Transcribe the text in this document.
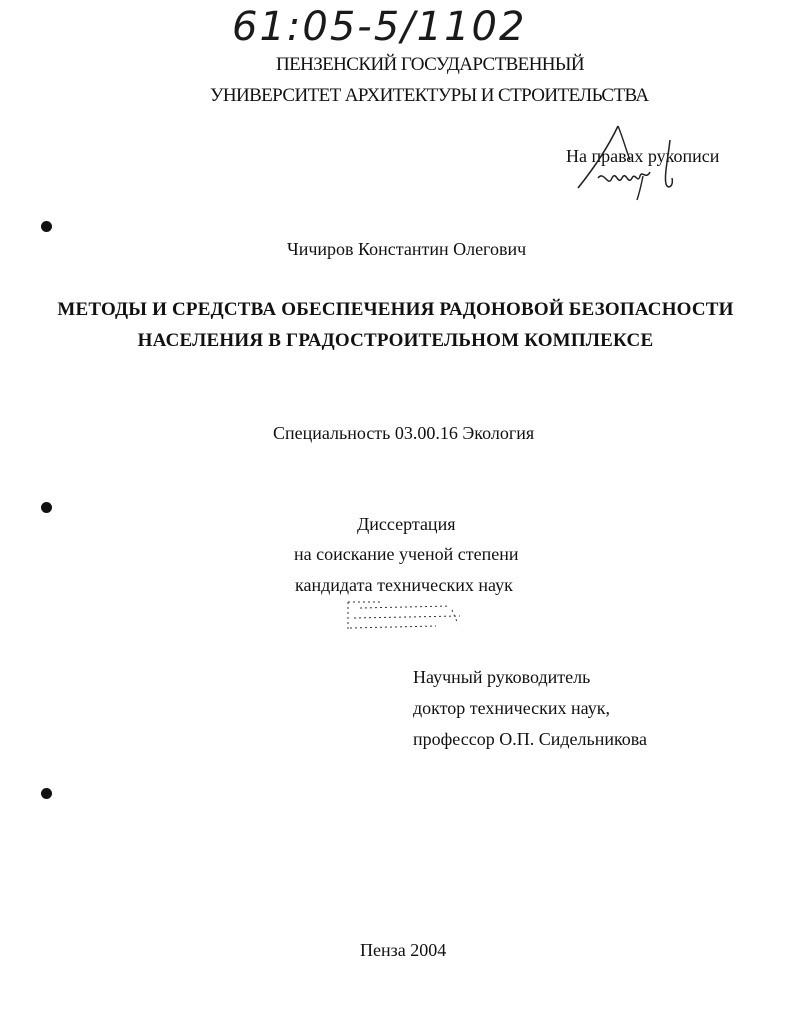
61:05-5/1102
ПЕНЗЕНСКИЙ ГОСУДАРСТВЕННЫЙ
УНИВЕРСИТЕТ АРХИТЕКТУРЫ И СТРОИТЕЛЬСТВА
На правах рукописи
Чичиров Константин Олегович
МЕТОДЫ И СРЕДСТВА ОБЕСПЕЧЕНИЯ РАДОНОВОЙ БЕЗОПАСНОСТИ
НАСЕЛЕНИЯ В ГРАДОСТРОИТЕЛЬНОМ КОМПЛЕКСЕ
Специальность 03.00.16 Экология
Диссертация
на соискание ученой степени
кандидата технических наук
Научный руководитель
доктор технических наук,
профессор О.П. Сидельникова
Пенза 2004
